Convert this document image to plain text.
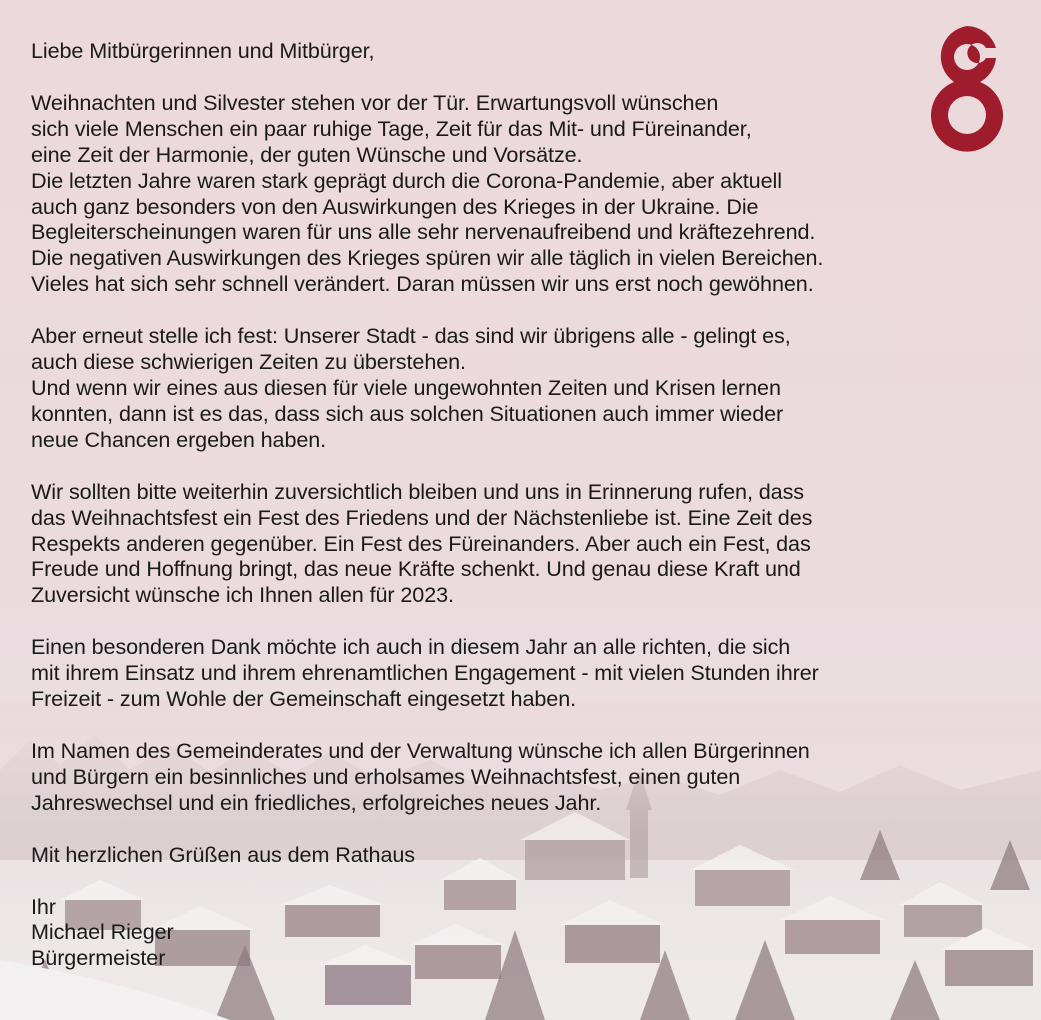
Liebe Mitbürgerinnen und Mitbürger,

Weihnachten und Silvester stehen vor der Tür. Erwartungsvoll wünschen
sich viele Menschen ein paar ruhige Tage, Zeit für das Mit- und Füreinander,
eine Zeit der Harmonie, der guten Wünsche und Vorsätze.
Die letzten Jahre waren stark geprägt durch die Corona-Pandemie, aber aktuell
auch ganz besonders von den Auswirkungen des Krieges in der Ukraine. Die
Begleiterscheinungen waren für uns alle sehr nervenaufreibend und kräftezehrend.
Die negativen Auswirkungen des Krieges spüren wir alle täglich in vielen Bereichen.
Vieles hat sich sehr schnell verändert. Daran müssen wir uns erst noch gewöhnen.

Aber erneut stelle ich fest: Unserer Stadt - das sind wir übrigens alle - gelingt es,
auch diese schwierigen Zeiten zu überstehen.
Und wenn wir eines aus diesen für viele ungewohnten Zeiten und Krisen lernen
konnten, dann ist es das, dass sich aus solchen Situationen auch immer wieder
neue Chancen ergeben haben.

Wir sollten bitte weiterhin zuversichtlich bleiben und uns in Erinnerung rufen, dass
das Weihnachtsfest ein Fest des Friedens und der Nächstenliebe ist. Eine Zeit des
Respekts anderen gegenüber. Ein Fest des Füreinanders. Aber auch ein Fest, das
Freude und Hoffnung bringt, das neue Kräfte schenkt. Und genau diese Kraft und
Zuversicht wünsche ich Ihnen allen für 2023.

Einen besonderen Dank möchte ich auch in diesem Jahr an alle richten, die sich
mit ihrem Einsatz und ihrem ehrenamtlichen Engagement - mit vielen Stunden ihrer
Freizeit - zum Wohle der Gemeinschaft eingesetzt haben.

Im Namen des Gemeinderates und der Verwaltung wünsche ich allen Bürgerinnen
und Bürgern ein besinnliches und erholsames Weihnachtsfest, einen guten
Jahreswechsel und ein friedliches, erfolgreiches neues Jahr.

Mit herzlichen Grüßen aus dem Rathaus

Ihr
Michael Rieger
Bürgermeister
